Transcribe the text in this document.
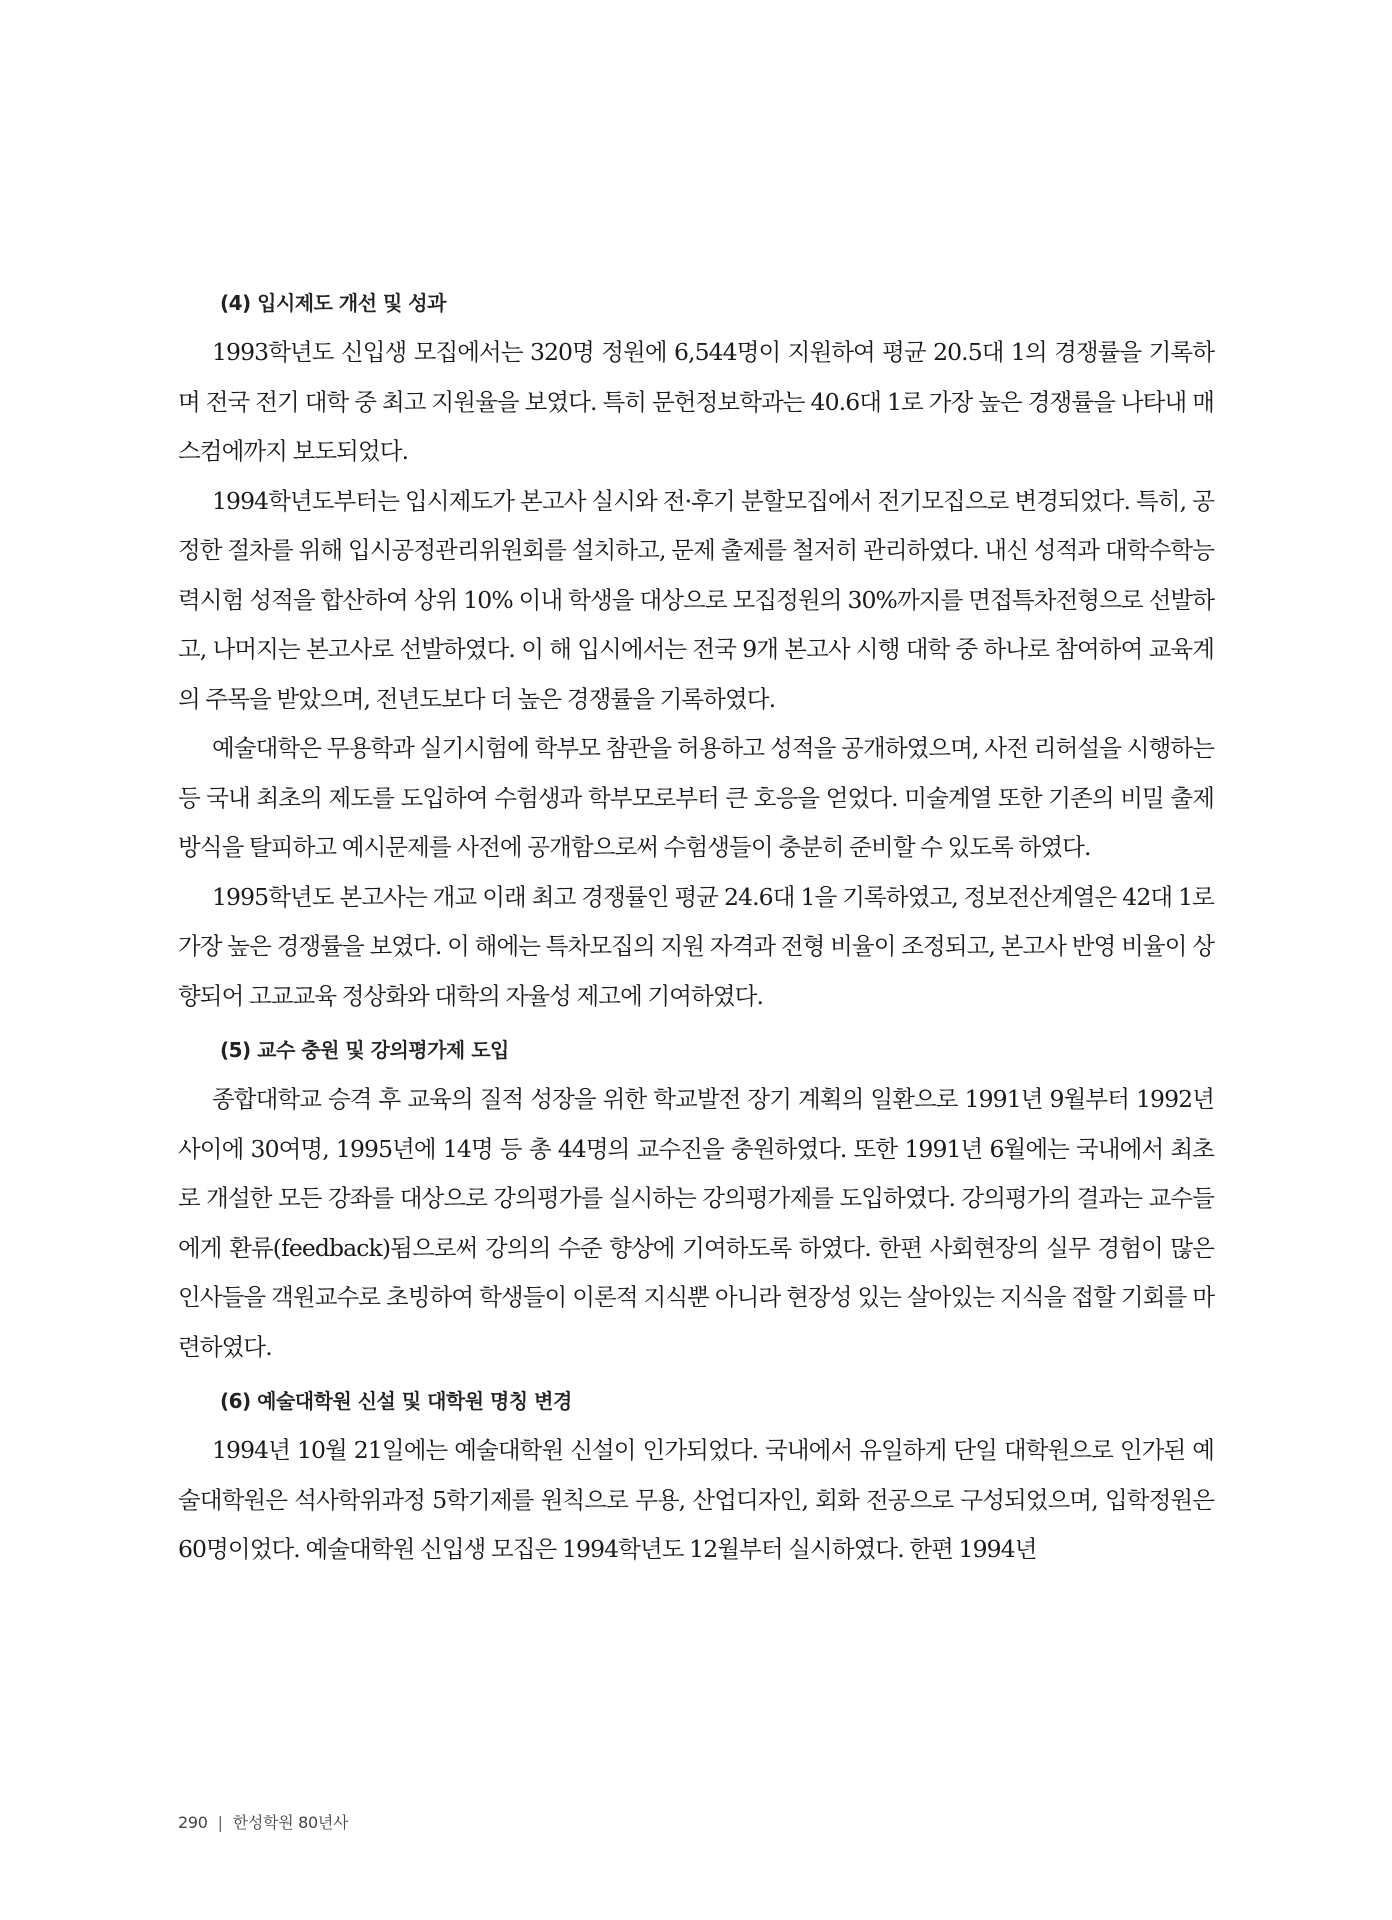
(4) 입시제도 개선 및 성과

1993학년도 신입생 모집에서는 320명 정원에 6,544명이 지원하여 평균 20.5대 1의 경쟁률을 기록하며 전국 전기 대학 중 최고 지원율을 보였다. 특히 문헌정보학과는 40.6대 1로 가장 높은 경쟁률을 나타내 매스컴에까지 보도되었다.

1994학년도부터는 입시제도가 본고사 실시와 전·후기 분할모집에서 전기모집으로 변경되었다. 특히, 공정한 절차를 위해 입시공정관리위원회를 설치하고, 문제 출제를 철저히 관리하였다. 내신 성적과 대학수학능력시험 성적을 합산하여 상위 10% 이내 학생을 대상으로 모집정원의 30%까지를 면접특차전형으로 선발하고, 나머지는 본고사로 선발하였다. 이 해 입시에서는 전국 9개 본고사 시행 대학 중 하나로 참여하여 교육계의 주목을 받았으며, 전년도보다 더 높은 경쟁률을 기록하였다.

예술대학은 무용학과 실기시험에 학부모 참관을 허용하고 성적을 공개하였으며, 사전 리허설을 시행하는 등 국내 최초의 제도를 도입하여 수험생과 학부모로부터 큰 호응을 얻었다. 미술계열 또한 기존의 비밀 출제 방식을 탈피하고 예시문제를 사전에 공개함으로써 수험생들이 충분히 준비할 수 있도록 하였다.

1995학년도 본고사는 개교 이래 최고 경쟁률인 평균 24.6대 1을 기록하였고, 정보전산계열은 42대 1로 가장 높은 경쟁률을 보였다. 이 해에는 특차모집의 지원 자격과 전형 비율이 조정되고, 본고사 반영 비율이 상향되어 고교교육 정상화와 대학의 자율성 제고에 기여하였다.

(5) 교수 충원 및 강의평가제 도입

종합대학교 승격 후 교육의 질적 성장을 위한 학교발전 장기 계획의 일환으로 1991년 9월부터 1992년 사이에 30여명, 1995년에 14명 등 총 44명의 교수진을 충원하였다. 또한 1991년 6월에는 국내에서 최초로 개설한 모든 강좌를 대상으로 강의평가를 실시하는 강의평가제를 도입하였다. 강의평가의 결과는 교수들에게 환류(feedback)됨으로써 강의의 수준 향상에 기여하도록 하였다. 한편 사회현장의 실무 경험이 많은 인사들을 객원교수로 초빙하여 학생들이 이론적 지식뿐 아니라 현장성 있는 살아있는 지식을 접할 기회를 마련하였다.

(6) 예술대학원 신설 및 대학원 명칭 변경

1994년 10월 21일에는 예술대학원 신설이 인가되었다. 국내에서 유일하게 단일 대학원으로 인가된 예술대학원은 석사학위과정 5학기제를 원칙으로 무용, 산업디자인, 회화 전공으로 구성되었으며, 입학정원은 60명이었다. 예술대학원 신입생 모집은 1994학년도 12월부터 실시하였다. 한편 1994년

290 | 한성학원 80년사
